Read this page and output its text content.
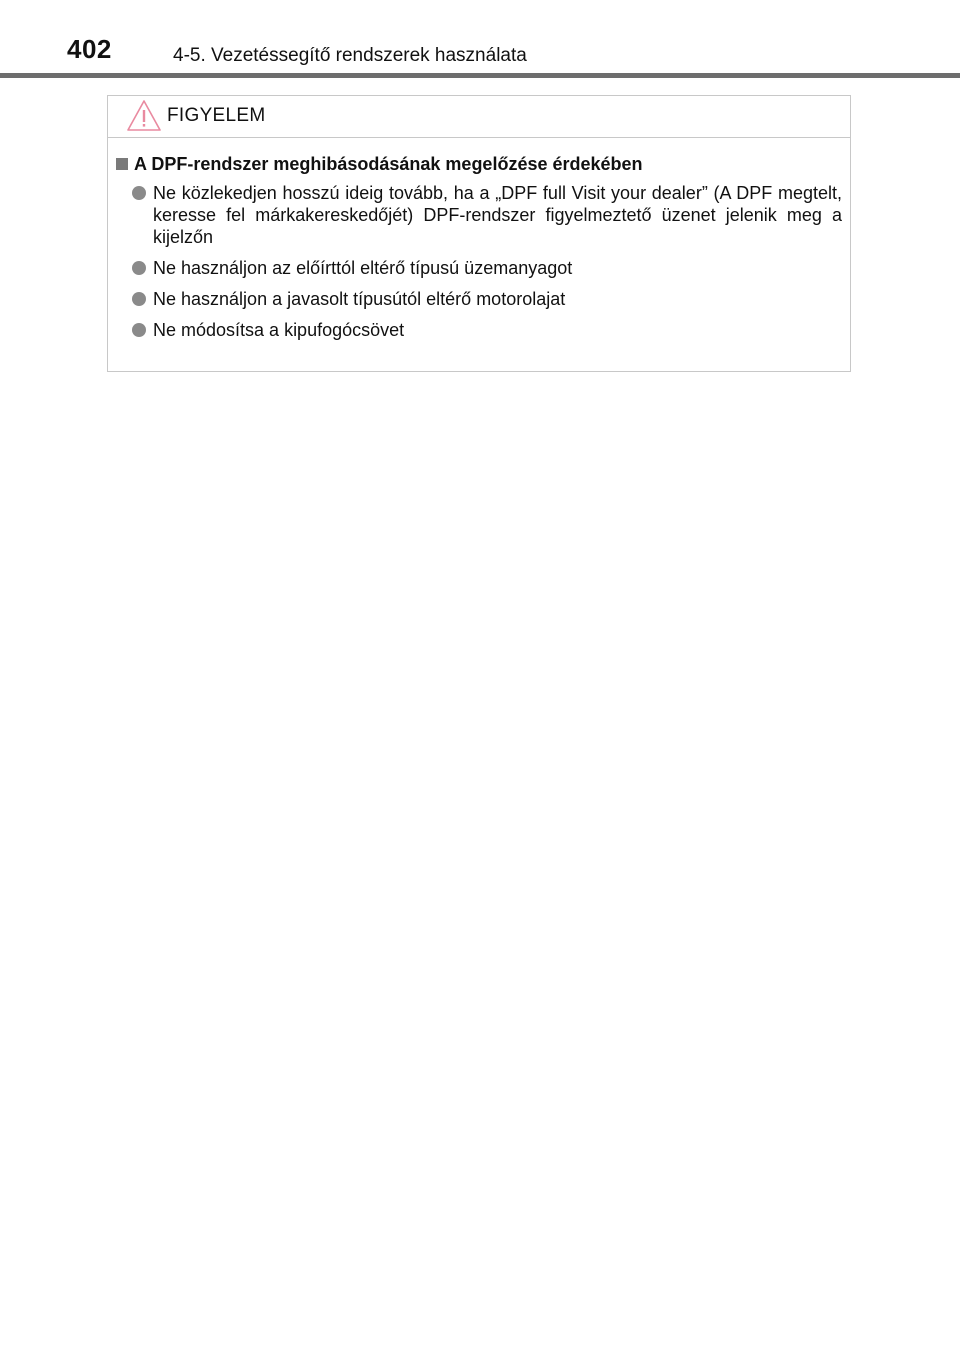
402	4-5. Vezetéssegítő rendszerek használata
FIGYELEM
A DPF-rendszer meghibásodásának megelőzése érdekében
Ne közlekedjen hosszú ideig tovább, ha a „DPF full Visit your dealer” (A DPF megtelt, keresse fel márkakereskedőjét) DPF-rendszer figyelmeztető üzenet jelenik meg a kijelzőn
Ne használjon az előírttól eltérő típusú üzemanyagot
Ne használjon a javasolt típusútól eltérő motorolajat
Ne módosítsa a kipufogócsövet
